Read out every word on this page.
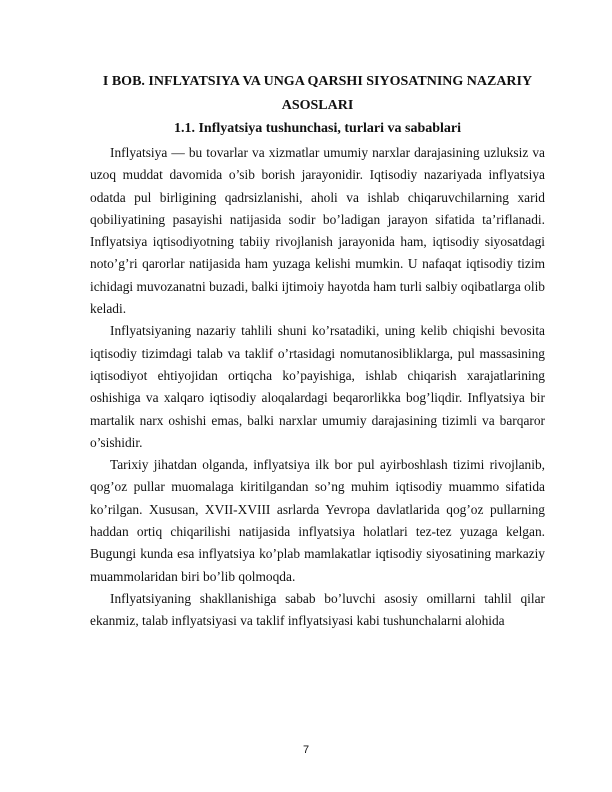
I BOB. INFLYATSIYA VA UNGA QARSHI SIYOSATNING NAZARIY ASOSLARI
1.1. Inflyatsiya tushunchasi, turlari va sabablari

Inflyatsiya — bu tovarlar va xizmatlar umumiy narxlar darajasining uzluksiz va uzoq muddat davomida o’sib borish jarayonidir. Iqtisodiy nazariyada inflyatsiya odatda pul birligining qadrsizlanishi, aholi va ishlab chiqaruvchilarning xarid qobiliyatining pasayishi natijasida sodir bo’ladigan jarayon sifatida ta’riflanadi. Inflyatsiya iqtisodiyotning tabiiy rivojlanish jarayonida ham, iqtisodiy siyosatdagi noto’g’ri qarorlar natijasida ham yuzaga kelishi mumkin. U nafaqat iqtisodiy tizim ichidagi muvozanatni buzadi, balki ijtimoiy hayotda ham turli salbiy oqibatlarga olib keladi.

Inflyatsiyaning nazariy tahlili shuni ko’rsatadiki, uning kelib chiqishi bevosita iqtisodiy tizimdagi talab va taklif o’rtasidagi nomutanosibliklarga, pul massasining iqtisodiyot ehtiyojidan ortiqcha ko’payishiga, ishlab chiqarish xarajatlarining oshishiga va xalqaro iqtisodiy aloqalardagi beqarorlikka bog’liqdir. Inflyatsiya bir martalik narx oshishi emas, balki narxlar umumiy darajasining tizimli va barqaror o’sishidir.

Tarixiy jihatdan olganda, inflyatsiya ilk bor pul ayirboshlash tizimi rivojlanib, qog’oz pullar muomalaga kiritilgandan so’ng muhim iqtisodiy muammo sifatida ko’rilgan. Xususan, XVII-XVIII asrlarda Yevropa davlatlarida qog’oz pullarning haddan ortiq chiqarilishi natijasida inflyatsiya holatlari tez-tez yuzaga kelgan. Bugungi kunda esa inflyatsiya ko’plab mamlakatlar iqtisodiy siyosatining markaziy muammolaridan biri bo’lib qolmoqda.

Inflyatsiyaning shakllanishiga sabab bo’luvchi asosiy omillarni tahlil qilar ekanmiz, talab inflyatsiyasi va taklif inflyatsiyasi kabi tushunchalarni alohida

7
